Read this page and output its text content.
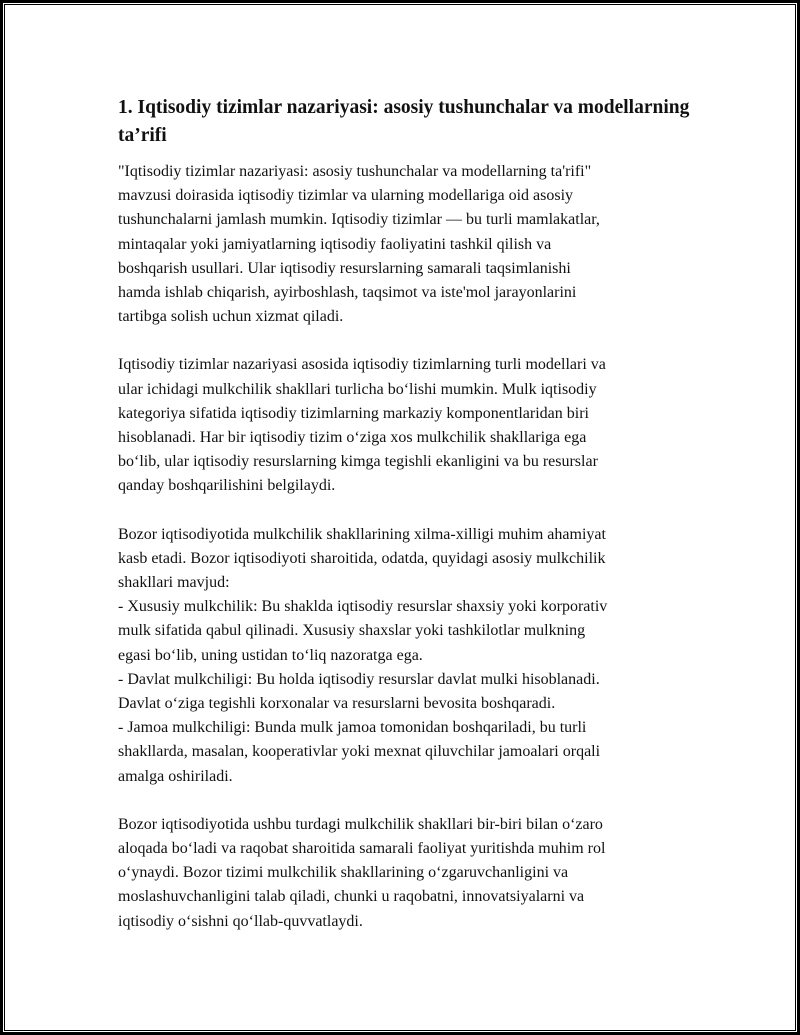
1. Iqtisodiy tizimlar nazariyasi: asosiy tushunchalar va modellarning ta’rifi

"Iqtisodiy tizimlar nazariyasi: asosiy tushunchalar va modellarning ta'rifi"
mavzusi doirasida iqtisodiy tizimlar va ularning modellariga oid asosiy
tushunchalarni jamlash mumkin. Iqtisodiy tizimlar — bu turli mamlakatlar,
mintaqalar yoki jamiyatlarning iqtisodiy faoliyatini tashkil qilish va
boshqarish usullari. Ular iqtisodiy resurslarning samarali taqsimlanishi
hamda ishlab chiqarish, ayirboshlash, taqsimot va iste'mol jarayonlarini
tartibga solish uchun xizmat qiladi.

Iqtisodiy tizimlar nazariyasi asosida iqtisodiy tizimlarning turli modellari va
ular ichidagi mulkchilik shakllari turlicha bo‘lishi mumkin. Mulk iqtisodiy
kategoriya sifatida iqtisodiy tizimlarning markaziy komponentlaridan biri
hisoblanadi. Har bir iqtisodiy tizim o‘ziga xos mulkchilik shakllariga ega
bo‘lib, ular iqtisodiy resurslarning kimga tegishli ekanligini va bu resurslar
qanday boshqarilishini belgilaydi.

Bozor iqtisodiyotida mulkchilik shakllarining xilma-xilligi muhim ahamiyat
kasb etadi. Bozor iqtisodiyoti sharoitida, odatda, quyidagi asosiy mulkchilik
shakllari mavjud:
- Xususiy mulkchilik: Bu shaklda iqtisodiy resurslar shaxsiy yoki korporativ
mulk sifatida qabul qilinadi. Xususiy shaxslar yoki tashkilotlar mulkning
egasi bo‘lib, uning ustidan to‘liq nazoratga ega.
- Davlat mulkchiligi: Bu holda iqtisodiy resurslar davlat mulki hisoblanadi.
Davlat o‘ziga tegishli korxonalar va resurslarni bevosita boshqaradi.
- Jamoa mulkchiligi: Bunda mulk jamoa tomonidan boshqariladi, bu turli
shakllarda, masalan, kooperativlar yoki mexnat qiluvchilar jamoalari orqali
amalga oshiriladi.

Bozor iqtisodiyotida ushbu turdagi mulkchilik shakllari bir-biri bilan o‘zaro
aloqada bo‘ladi va raqobat sharoitida samarali faoliyat yuritishda muhim rol
o‘ynaydi. Bozor tizimi mulkchilik shakllarining o‘zgaruvchanligini va
moslashuvchanligini talab qiladi, chunki u raqobatni, innovatsiyalarni va
iqtisodiy o‘sishni qo‘llab-quvvatlaydi.
